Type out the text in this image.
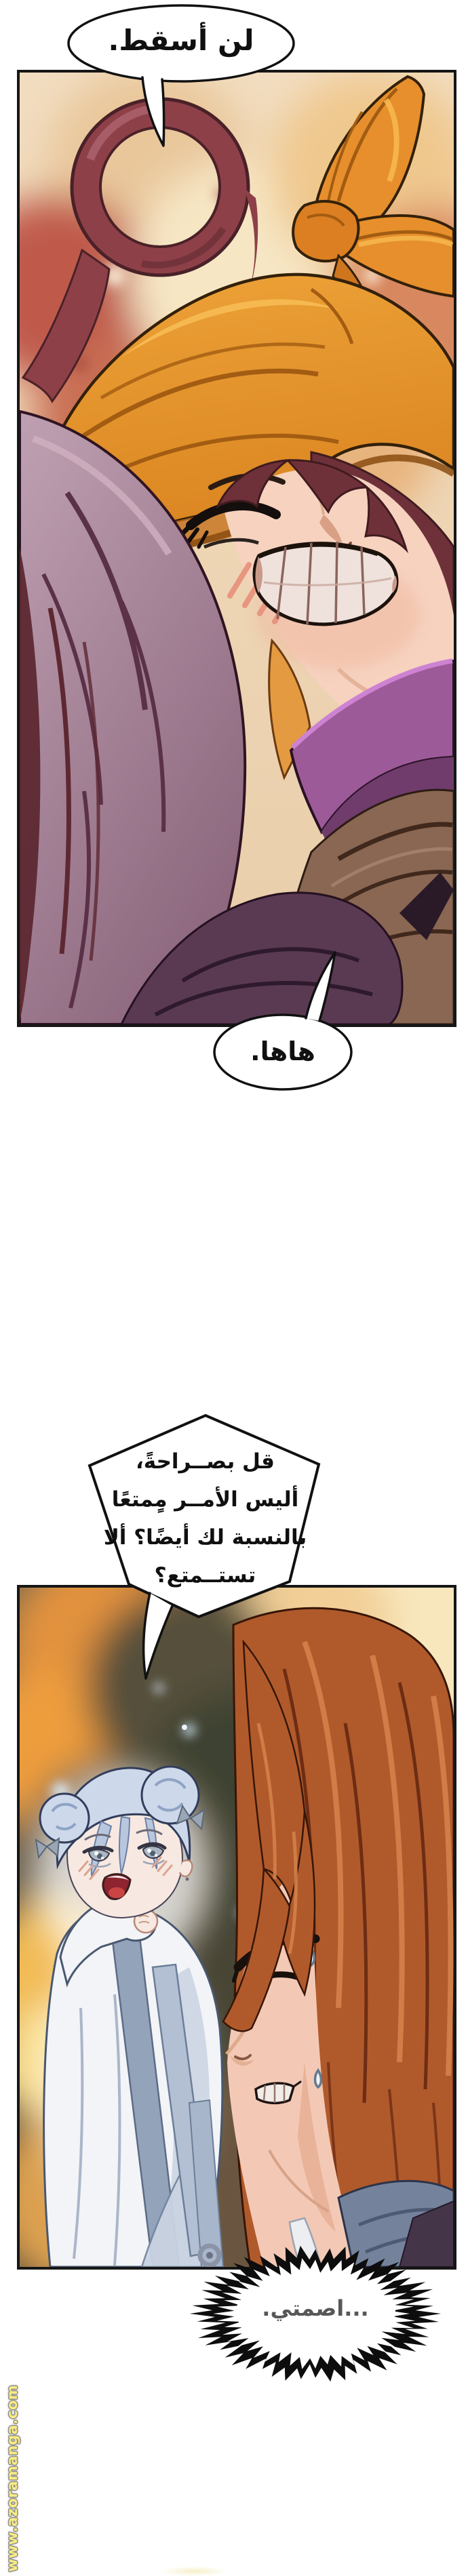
لن أسقط.
هاها.
قل بصــراحةً،
أليس الأمــر مٍمتعًا
بالنسبة لك أيضًا؟ ألا
تستــمتع؟
...اصمتي.
www.azoramanga.com
